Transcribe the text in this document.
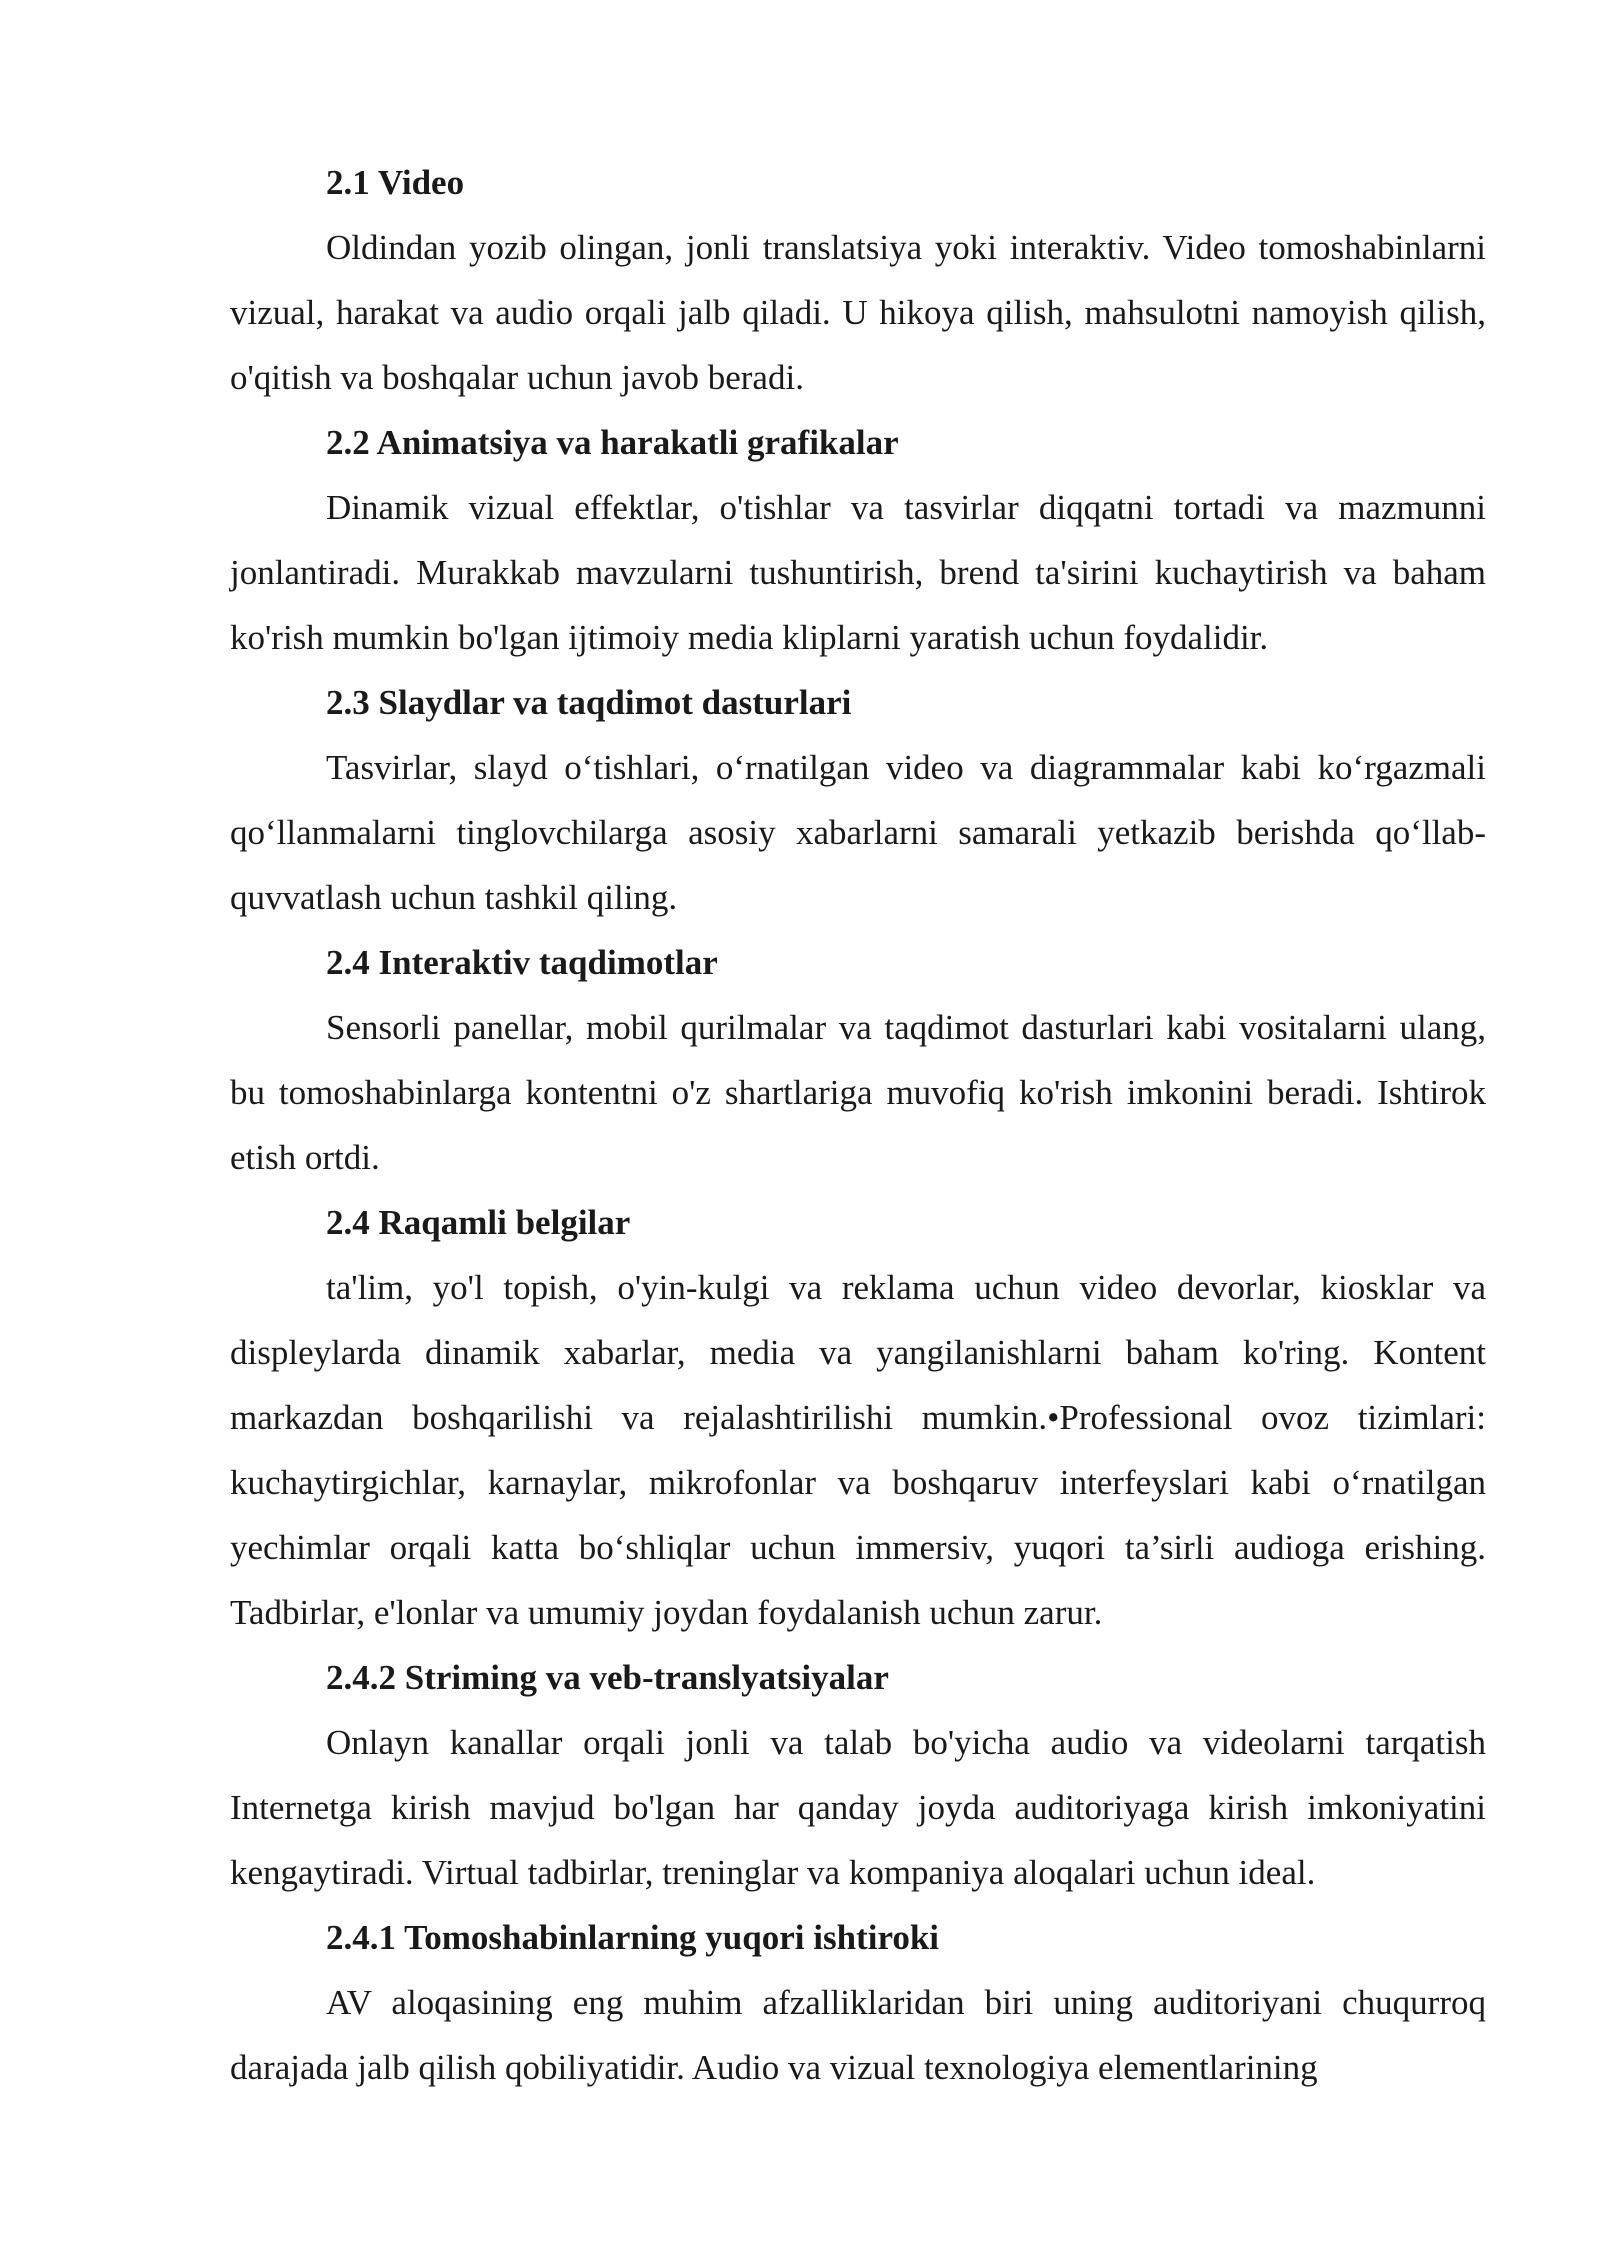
2.1 Video

Oldindan yozib olingan, jonli translatsiya yoki interaktiv. Video tomoshabinlarni vizual, harakat va audio orqali jalb qiladi. U hikoya qilish, mahsulotni namoyish qilish, o'qitish va boshqalar uchun javob beradi.

2.2 Animatsiya va harakatli grafikalar

Dinamik vizual effektlar, o'tishlar va tasvirlar diqqatni tortadi va mazmunni jonlantiradi. Murakkab mavzularni tushuntirish, brend ta'sirini kuchaytirish va baham ko'rish mumkin bo'lgan ijtimoiy media kliplarni yaratish uchun foydalidir.

2.3 Slaydlar va taqdimot dasturlari

Tasvirlar, slayd o‘tishlari, o‘rnatilgan video va diagrammalar kabi ko‘rgazmali qo‘llanmalarni tinglovchilarga asosiy xabarlarni samarali yetkazib berishda qo‘llab-quvvatlash uchun tashkil qiling.

2.4 Interaktiv taqdimotlar

Sensorli panellar, mobil qurilmalar va taqdimot dasturlari kabi vositalarni ulang, bu tomoshabinlarga kontentni o'z shartlariga muvofiq ko'rish imkonini beradi. Ishtirok etish ortdi.

2.4 Raqamli belgilar

ta'lim, yo'l topish, o'yin-kulgi va reklama uchun video devorlar, kiosklar va displeylarda dinamik xabarlar, media va yangilanishlarni baham ko'ring. Kontent markazdan boshqarilishi va rejalashtirilishi mumkin.•Professional ovoz tizimlari: kuchaytirgichlar, karnaylar, mikrofonlar va boshqaruv interfeyslari kabi o‘rnatilgan yechimlar orqali katta bo‘shliqlar uchun immersiv, yuqori ta’sirli audioga erishing. Tadbirlar, e'lonlar va umumiy joydan foydalanish uchun zarur.

2.4.2 Striming va veb-translyatsiyalar

Onlayn kanallar orqali jonli va talab bo'yicha audio va videolarni tarqatish Internetga kirish mavjud bo'lgan har qanday joyda auditoriyaga kirish imkoniyatini kengaytiradi. Virtual tadbirlar, treninglar va kompaniya aloqalari uchun ideal.

2.4.1 Tomoshabinlarning yuqori ishtiroki

AV aloqasining eng muhim afzalliklaridan biri uning auditoriyani chuqurroq darajada jalb qilish qobiliyatidir. Audio va vizual texnologiya elementlarining
